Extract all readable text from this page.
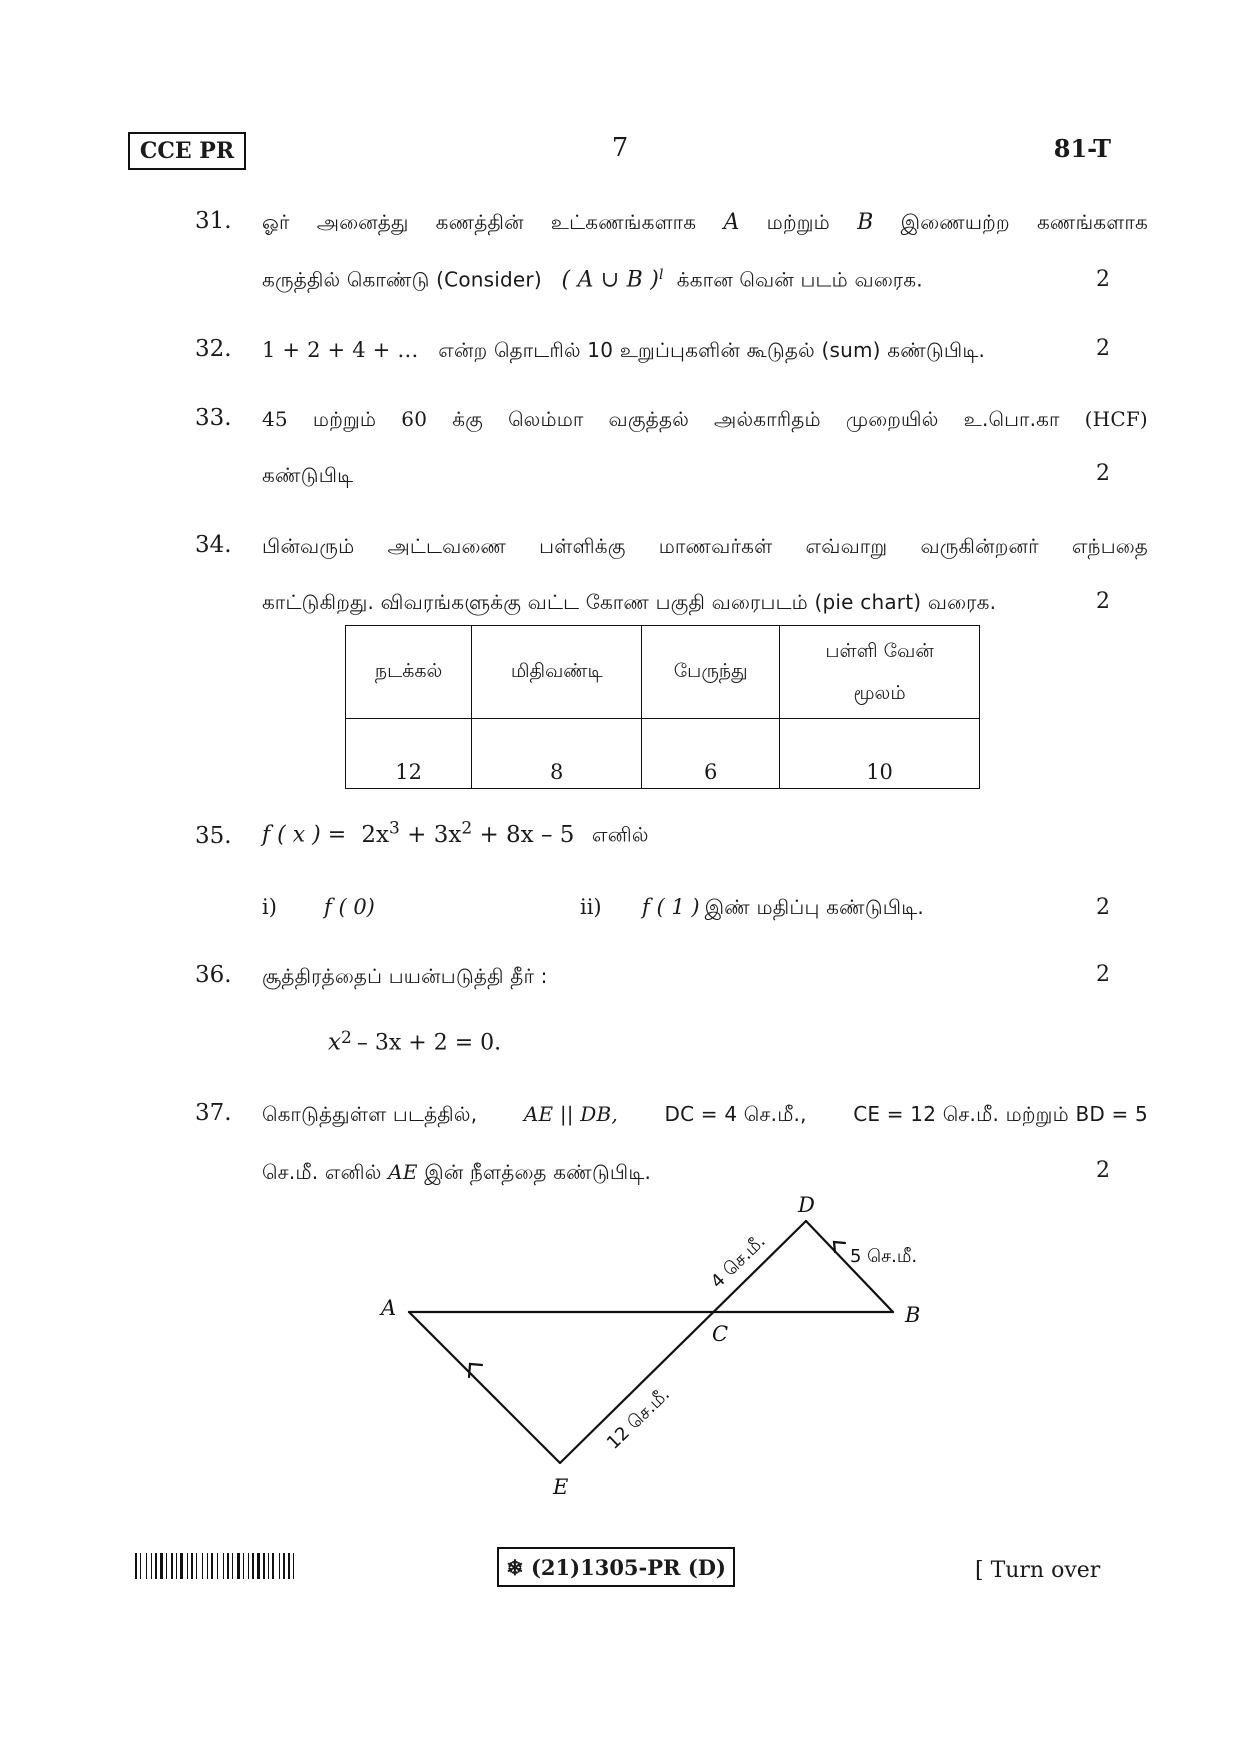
CCE PR	7	81-T
31.	ஓர் அனைத்து கணத்தின் உட்கணங்களாக A மற்றும் B இணையற்ற கணங்களாக
கருத்தில் கொண்டு (Consider) ( A ∪ B )$^l$ க்கான வென் படம் வரைக.	2
32.	1 + 2 + 4 + … என்ற தொடரில் 10 உறுப்புகளின் கூடுதல் (sum) கண்டுபிடி.	2
33.	45 மற்றும் 60 க்கு லெம்மா வகுத்தல் அல்காரிதம் முறையில் உ.பொ.கா (HCF)
கண்டுபிடி	2
34.	பின்வரும் அட்டவணை பள்ளிக்கு மாணவர்கள் எவ்வாறு வருகின்றனர் எந்பதை
காட்டுகிறது. விவரங்களுக்கு வட்ட கோண பகுதி வரைபடம் (pie chart) வரைக.	2
நடக்கல்	மிதிவண்டி	பேருந்து	பள்ளி வேன்
மூலம்
12	8	6	10
35.	f ( x ) = $2x^3 + 3x^2 + 8x - 5$ எனில்
i) f ( 0)	ii) f ( 1 ) இண் மதிப்பு கண்டுபிடி.	2
36.	சூத்திரத்தைப் பயன்படுத்தி தீர் :	2
$x^2 - 3x + 2 = 0$.
37.	கொடுத்துள்ள படத்தில், AE || DB, DC = 4 செ.மீ., CE = 12 செ.மீ. மற்றும் BD = 5
செ.மீ. எனில் AE இன் நீளத்தை கண்டுபிடி.	2
A	B
C
D
E
4 செ.மீ.	5 செ.மீ.
12 செ.மீ.
❄ (21)1305-PR (D)	[ Turn over
